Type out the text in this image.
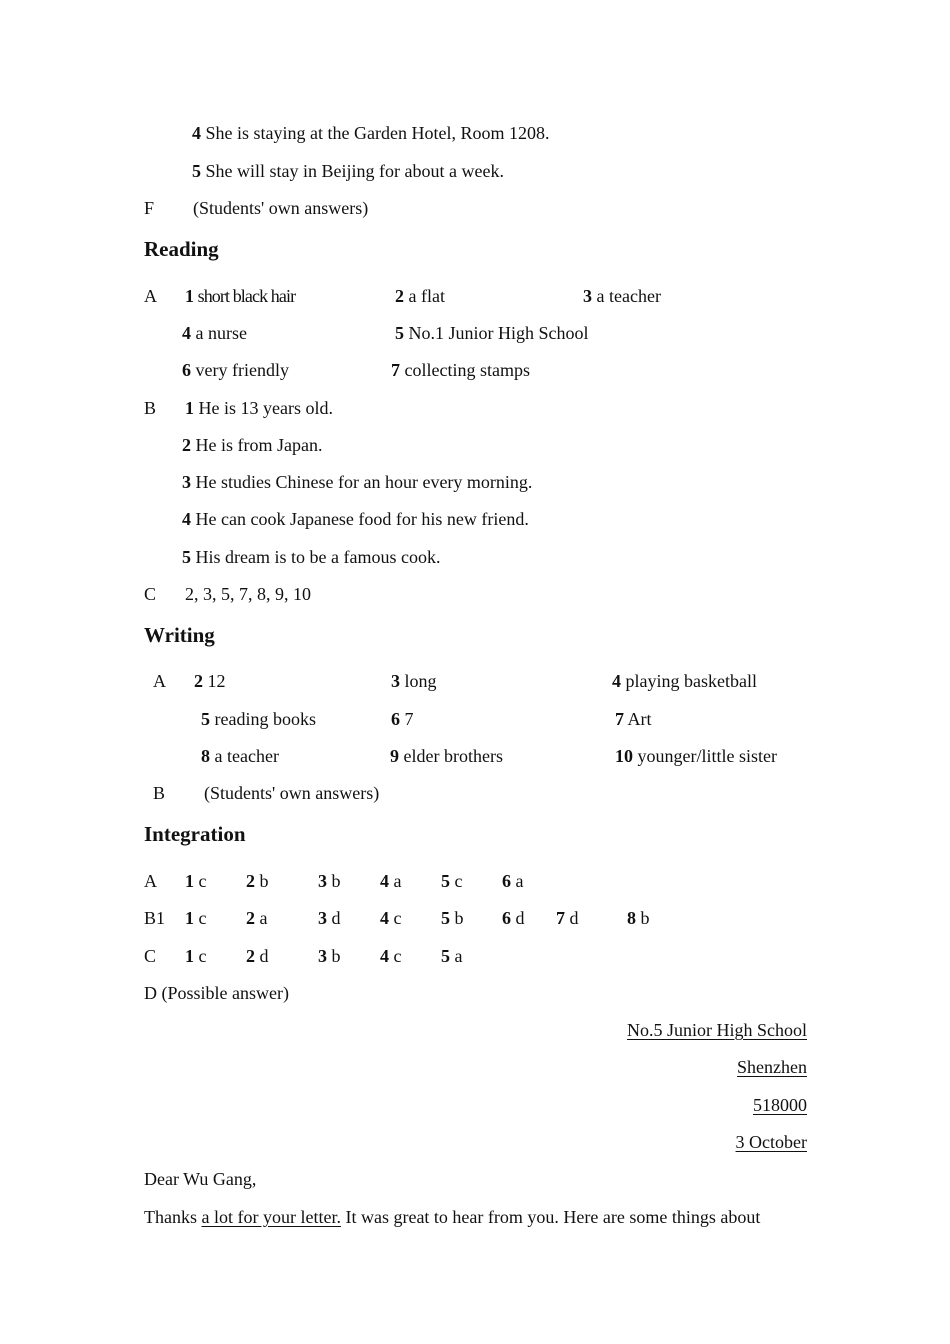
4 She is staying at the Garden Hotel, Room 1208.
5 She will stay in Beijing for about a week.
F (Students' own answers)
Reading
A 1 short black hair	2 a flat	3 a teacher
4 a nurse	5 No.1 Junior High School
6 very friendly	7 collecting stamps
B 1 He is 13 years old.
2 He is from Japan.
3 He studies Chinese for an hour every morning.
4 He can cook Japanese food for his new friend.
5 His dream is to be a famous cook.
C 2, 3, 5, 7, 8, 9, 10
Writing
A 2 12	3 long	4 playing basketball
5 reading books	6 7	7 Art
8 a teacher	9 elder brothers	10 younger/little sister
B (Students' own answers)
Integration
A 1 c 2 b	3 b 4 a 5 c 6 a
B1 1 c 2 a	3 d 4 c 5 b 6 d 7 d	8 b
C 1 c 2 d	3 b 4 c 5 a
D (Possible answer)
No.5 Junior High School
Shenzhen
518000
3 October
Dear Wu Gang,
Thanks a lot for your letter. It was great to hear from you. Here are some things about
